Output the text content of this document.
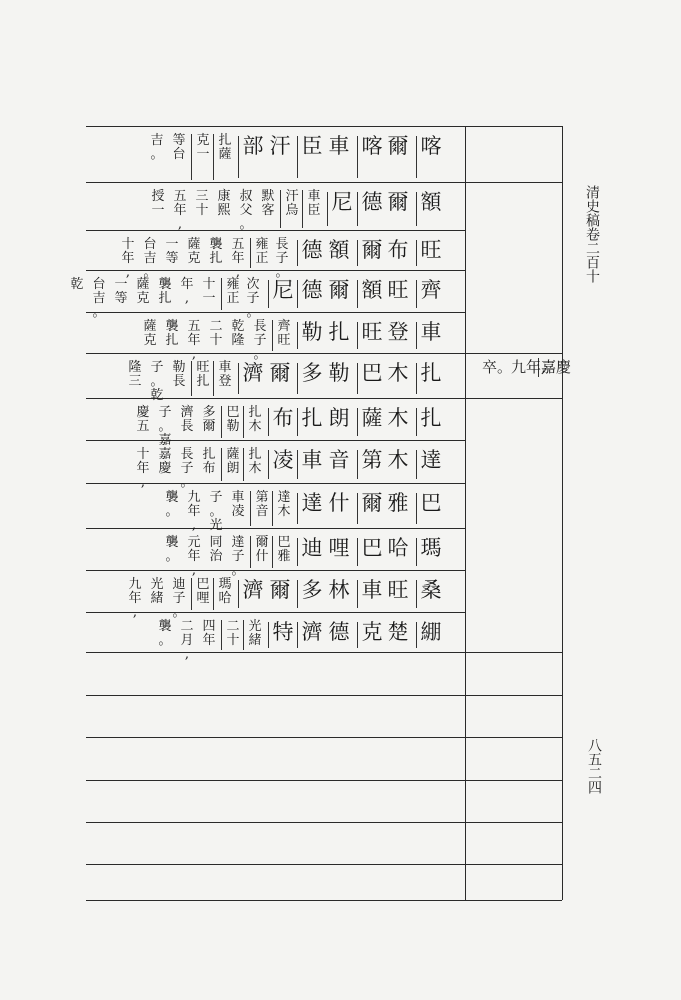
清史稿卷二百十
八五二四
嘉慶
九年,
卒。
喀
爾
喀
車
臣
汗
部
扎
薩
克
一
等
台
吉
。
額
爾
德
尼
車
臣
汗
烏
默
客
叔
父
。
康
熙
三
十
五
年
,
授
一
旺
布
爾
額
德
長
子
。
雍
正
五
年
,
襲
扎
薩
克
一
等
台
吉
。
十
年
,
齊
旺
額
爾
德
尼
次
子
。
雍
正
十
一
年
,
襲
扎
薩
克
一
等
台
吉
。
乾
車
登
旺
扎
勒
齊
旺
長
子
。
乾
隆
二
十
五
年
,
襲
扎
薩
克
扎
木
巴
勒
多
爾
濟
車
登
旺
扎
勒
長
子
。
乾
隆
三
扎
木
薩
朗
扎
布
扎
木
巴
勒
多
爾
濟
長
子
。
嘉
慶
五
達
木
第
音
車
凌
扎
木
薩
朗
扎
布
長
子
。
嘉
慶
十
年
,
巴
雅
爾
什
達
達
木
第
音
車
凌
子
。
光
九
年
,
襲
。
瑪
哈
巴
哩
迪
巴
雅
爾
什
達
子
。
同
治
元
年
,
襲
。
桑
旺
車
林
多
爾
濟
瑪
哈
巴
哩
迪
子
。
光
緒
九
年
,
綳
楚
克
德
濟
特
光
緒
二
十
四
年
二
月
,
襲
。
